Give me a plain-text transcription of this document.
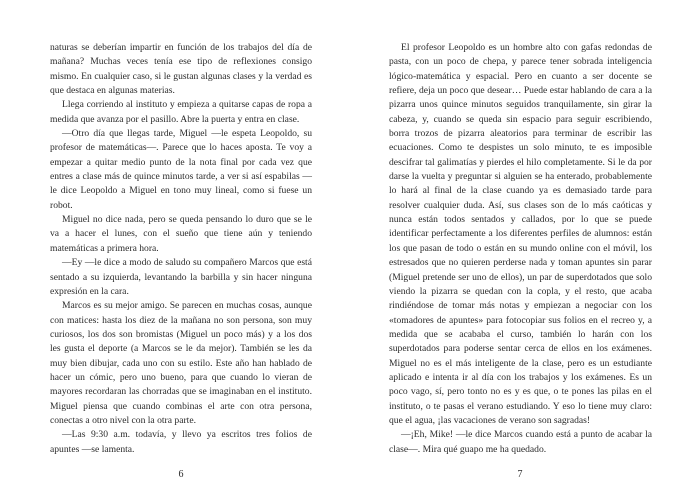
naturas se deberían impartir en función de los trabajos del día de mañana? Muchas veces tenía ese tipo de reflexiones consigo mismo. En cualquier caso, si le gustan algunas clases y la verdad es que destaca en algunas materias.

Llega corriendo al instituto y empieza a quitarse capas de ropa a medida que avanza por el pasillo. Abre la puerta y entra en clase.

—Otro día que llegas tarde, Miguel —le espeta Leopoldo, su profesor de matemáticas—. Parece que lo haces aposta. Te voy a empezar a quitar medio punto de la nota final por cada vez que entres a clase más de quince minutos tarde, a ver si así espabilas —le dice Leopoldo a Miguel en tono muy lineal, como si fuese un robot.

Miguel no dice nada, pero se queda pensando lo duro que se le va a hacer el lunes, con el sueño que tiene aún y teniendo matemáticas a primera hora.

—Ey —le dice a modo de saludo su compañero Marcos que está sentado a su izquierda, levantando la barbilla y sin hacer ninguna expresión en la cara.

Marcos es su mejor amigo. Se parecen en muchas cosas, aunque con matices: hasta los diez de la mañana no son persona, son muy curiosos, los dos son bromistas (Miguel un poco más) y a los dos les gusta el deporte (a Marcos se le da mejor). También se les da muy bien dibujar, cada uno con su estilo. Este año han hablado de hacer un cómic, pero uno bueno, para que cuando lo vieran de mayores recordaran las chorradas que se imaginaban en el instituto. Miguel piensa que cuando combinas el arte con otra persona, conectas a otro nivel con la otra parte.

—Las 9:30 a.m. todavía, y llevo ya escritos tres folios de apuntes —se lamenta.

6

El profesor Leopoldo es un hombre alto con gafas redondas de pasta, con un poco de chepa, y parece tener sobrada inteligencia lógico-matemática y espacial. Pero en cuanto a ser docente se refiere, deja un poco que desear… Puede estar hablando de cara a la pizarra unos quince minutos seguidos tranquilamente, sin girar la cabeza, y, cuando se queda sin espacio para seguir escribiendo, borra trozos de pizarra aleatorios para terminar de escribir las ecuaciones. Como te despistes un solo minuto, te es imposible descifrar tal galimatías y pierdes el hilo completamente. Si le da por darse la vuelta y preguntar si alguien se ha enterado, probablemente lo hará al final de la clase cuando ya es demasiado tarde para resolver cualquier duda. Así, sus clases son de lo más caóticas y nunca están todos sentados y callados, por lo que se puede identificar perfectamente a los diferentes perfiles de alumnos: están los que pasan de todo o están en su mundo online con el móvil, los estresados que no quieren perderse nada y toman apuntes sin parar (Miguel pretende ser uno de ellos), un par de superdotados que solo viendo la pizarra se quedan con la copla, y el resto, que acaba rindiéndose de tomar más notas y empiezan a negociar con los «tomadores de apuntes» para fotocopiar sus folios en el recreo y, a medida que se acababa el curso, también lo harán con los superdotados para poderse sentar cerca de ellos en los exámenes. Miguel no es el más inteligente de la clase, pero es un estudiante aplicado e intenta ir al día con los trabajos y los exámenes. Es un poco vago, sí, pero tonto no es y es que, o te pones las pilas en el instituto, o te pasas el verano estudiando. Y eso lo tiene muy claro: que el agua, ¡las vacaciones de verano son sagradas!

—¡Eh, Mike! —le dice Marcos cuando está a punto de acabar la clase—. Mira qué guapo me ha quedado.

7
